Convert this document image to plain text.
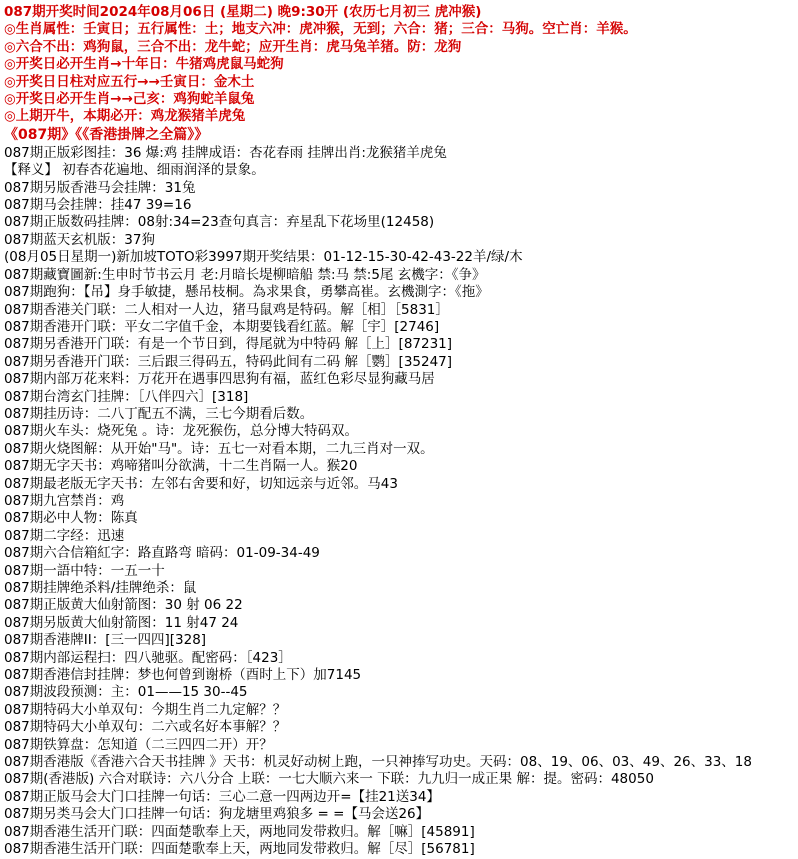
087期开奖时间2024年08月06日 (星期二) 晚9:30开 (农历七月初三 虎冲猴)
◎生肖属性：壬寅日；五行属性：土；地支六冲：虎冲猴，无到；六合：猪；三合：马狗。空亡肖：羊猴。
◎六合不出：鸡狗鼠，三合不出：龙牛蛇；应开生肖：虎马兔羊猪。防：龙狗
◎开奖日必开生肖→十年日：牛猪鸡虎鼠马蛇狗
◎开奖日日柱对应五行→→壬寅日：金木土
◎开奖日必开生肖→→己亥：鸡狗蛇羊鼠兔
◎上期开牛，本期必开：鸡龙猴猪羊虎兔
《087期》《《香港掛牌之全篇》》
087期正版彩图挂：36 爆:鸡 挂牌成语：杏花春雨 挂牌出肖:龙猴猪羊虎兔
【释义】 初春杏花遍地、细雨润泽的景象。
087期另版香港马会挂牌：31兔
087期马会挂牌：挂47 39=16
087期正版数码挂牌：08射:34=23查句真言：弃星乱下花场里(12458)
087期蓝天玄机版：37狗
(08月05日星期一)新加坡TOTO彩3997期开奖结果：01-12-15-30-42-43-22羊/绿/木
087期藏寶圖新:生申时节书云月 老:月暗长堤柳暗船 禁:马 禁:5尾 玄機字：《争》
087期跑狗：【吊】身手敏捷，懸吊枝桐。為求果食，勇攀高崔。玄機測字：《拖》
087期香港关门联：二人相对一人边，猪马鼠鸡是特码。解［相］［5831］
087期香港开门联：平女二字值千金，本期要钱看红蓝。解［宇］[2746]
087期另香港开门联：有是一个节日到，得尾就为中特码 解［上］[87231]
087期另香港开门联：三后跟三得码五，特码此间有二码 解［鹦］[35247]
087期内部万花来料：万花开在遇事四思狗有福，蓝红色彩尽显狗藏马居
087期台湾玄门挂牌：［八伴四六］[318]
087期挂历诗：二八丁配五不满，三七今期看后数。
087期火车头：烧死兔 。诗：龙死猴伤，总分博大特码双。
087期火烧图解：从开始"马"。诗：五七一对看本期，二九三肖对一双。
087期无字天书：鸡啼猪叫分欲满，十二生肖隔一人。猴20
087期最老版无字天书：左邻右舍要和好，切知远亲与近邻。马43
087期九宫禁肖：鸡
087期必中人物：陈真
087期二字经：迅速
087期六合信箱紅字：路直路弯 暗码：01-09-34-49
087期一語中特：一五一十
087期挂牌绝杀料/挂牌绝杀：鼠
087期正版黄大仙射箭图：30 射 06 22
087期另版黄大仙射箭图：11 射47 24
087期香港牌II：[三一四四][328]
087期内部运程扫：四八驰驱。配密码：［423］
087期香港信封挂牌：梦也何曾到谢桥（酉时上下）加7145
087期波段预测：主：01——15 30--45
087期特码大小单双句：今期生肖二九定解？？
087期特码大小单双句：二六或名好本事解？？
087期铁算盘：怎知道（二三四四二开）开？
087期香港版《香港六合天书挂牌 》天书：机灵好动树上跑，一只神捧写功史。天码：08、19、06、03、49、26、33、18
087期(香港版) 六合对联诗：六八分合 上联：一七大顺六来一 下联：九九归一成正果 解：提。密码：48050
087期正版马会大门口挂牌一句话：三心二意一四两边开=【挂21送34】
087期另类马会大门口挂牌一句话：狗龙塘里鸡狼多 = =【马会送26】
087期香港生活开门联：四面楚歌奉上天，两地同发带救归。解［嘛］[45891]
087期香港生活开门联：四面楚歌奉上天，两地同发带救归。解［尽］[56781]
